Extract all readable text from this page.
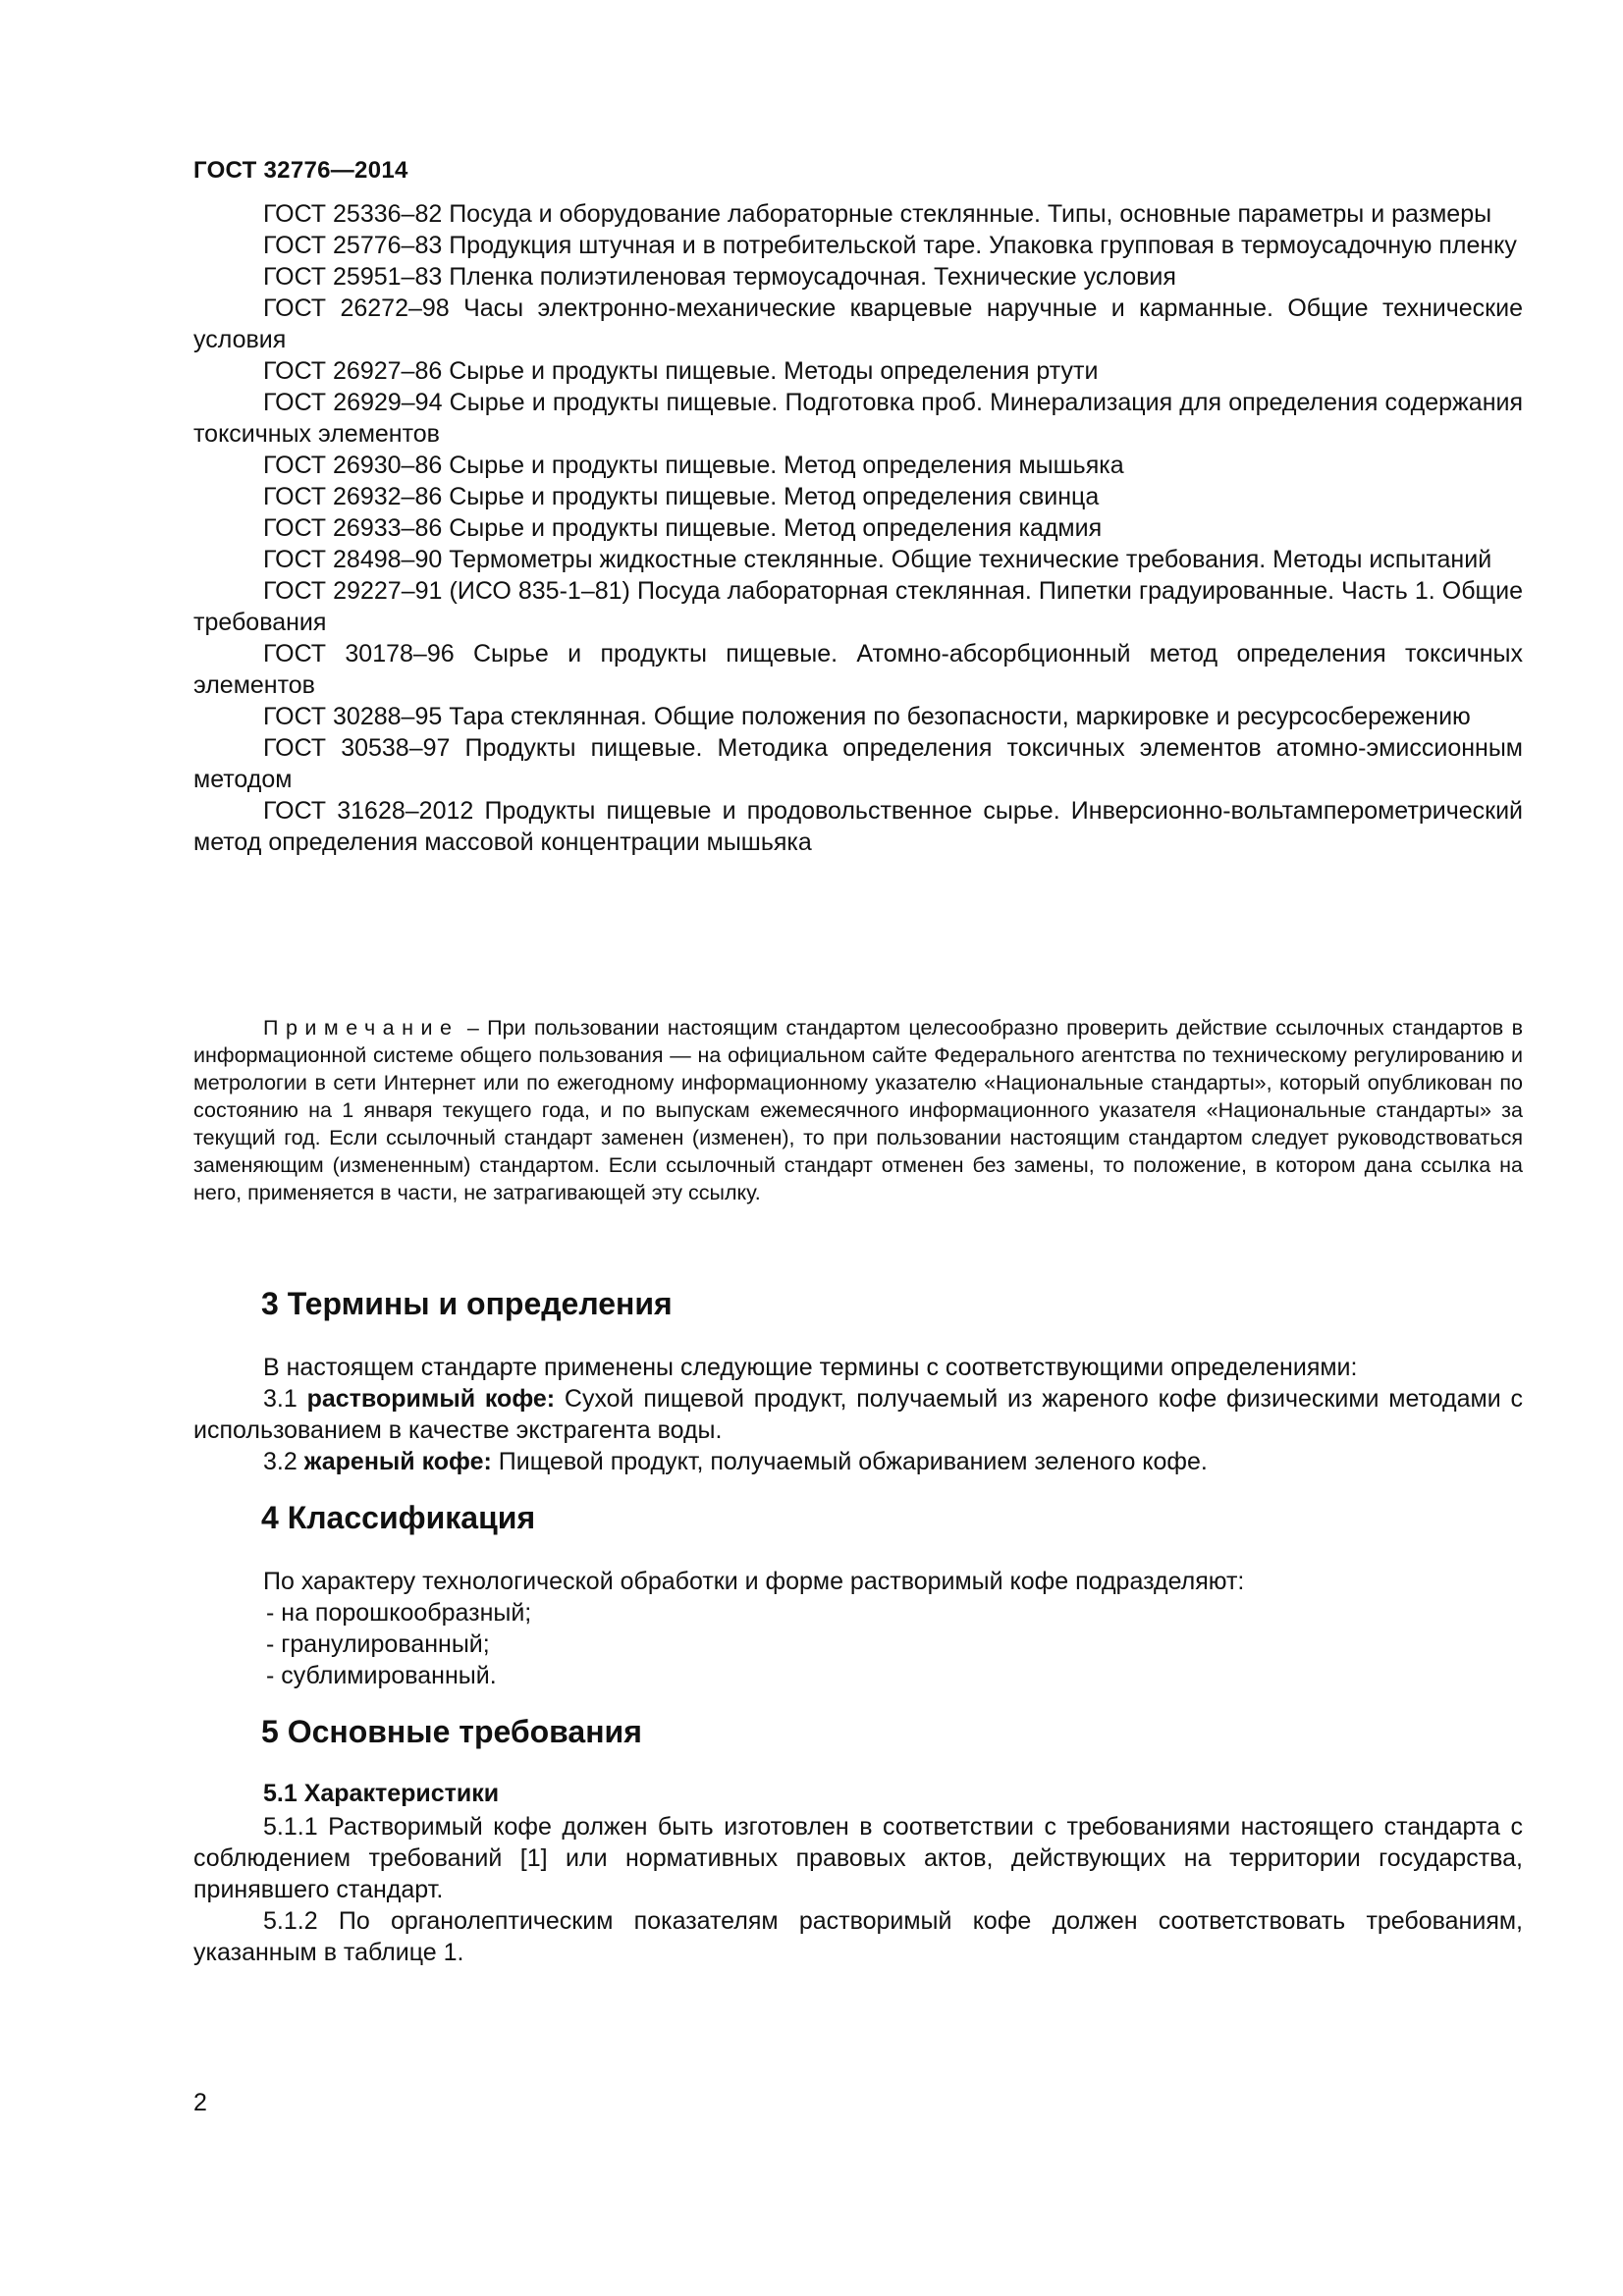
ГОСТ 32776—2014

ГОСТ 25336–82 Посуда и оборудование лабораторные стеклянные. Типы, основные параметры и размеры

ГОСТ 25776–83 Продукция штучная и в потребительской таре. Упаковка групповая в термоусадочную пленку

ГОСТ 25951–83 Пленка полиэтиленовая термоусадочная. Технические условия

ГОСТ 26272–98 Часы электронно-механические кварцевые наручные и карманные. Общие технические условия

ГОСТ 26927–86 Сырье и продукты пищевые. Методы определения ртути

ГОСТ 26929–94 Сырье и продукты пищевые. Подготовка проб. Минерализация для определения содержания токсичных элементов

ГОСТ 26930–86 Сырье и продукты пищевые. Метод определения мышьяка

ГОСТ 26932–86 Сырье и продукты пищевые. Метод определения свинца

ГОСТ 26933–86 Сырье и продукты пищевые. Метод определения кадмия

ГОСТ 28498–90 Термометры жидкостные стеклянные. Общие технические требования. Методы испытаний

ГОСТ 29227–91 (ИСО 835-1–81) Посуда лабораторная стеклянная. Пипетки градуированные. Часть 1. Общие требования

ГОСТ 30178–96 Сырье и продукты пищевые. Атомно-абсорбционный метод определения токсичных элементов

ГОСТ 30288–95 Тара стеклянная. Общие положения по безопасности, маркировке и ресурсосбережению

ГОСТ 30538–97 Продукты пищевые. Методика определения токсичных элементов атомно-эмиссионным методом

ГОСТ 31628–2012 Продукты пищевые и продовольственное сырье. Инверсионно-вольтамперометрический метод определения массовой концентрации мышьяка

Примечание – При пользовании настоящим стандартом целесообразно проверить действие ссылочных стандартов в информационной системе общего пользования — на официальном сайте Федерального агентства по техническому регулированию и метрологии в сети Интернет или по ежегодному информационному указателю «Национальные стандарты», который опубликован по состоянию на 1 января текущего года, и по выпускам ежемесячного информационного указателя «Национальные стандарты» за текущий год. Если ссылочный стандарт заменен (изменен), то при пользовании настоящим стандартом следует руководствоваться заменяющим (измененным) стандартом. Если ссылочный стандарт отменен без замены, то положение, в котором дана ссылка на него, применяется в части, не затрагивающей эту ссылку.

3 Термины и определения

В настоящем стандарте применены следующие термины с соответствующими определениями:

3.1 растворимый кофе: Сухой пищевой продукт, получаемый из жареного кофе физическими методами с использованием в качестве экстрагента воды.

3.2 жареный кофе: Пищевой продукт, получаемый обжариванием зеленого кофе.

4 Классификация

По характеру технологической обработки и форме растворимый кофе подразделяют:

- на порошкообразный;
- гранулированный;
- сублимированный.
5 Основные требования

5.1 Характеристики

5.1.1 Растворимый кофе должен быть изготовлен в соответствии с требованиями настоящего стандарта с соблюдением требований [1] или нормативных правовых актов, действующих на территории государства, принявшего стандарт.

5.1.2 По органолептическим показателям растворимый кофе должен соответствовать требованиям, указанным в таблице 1.

2
